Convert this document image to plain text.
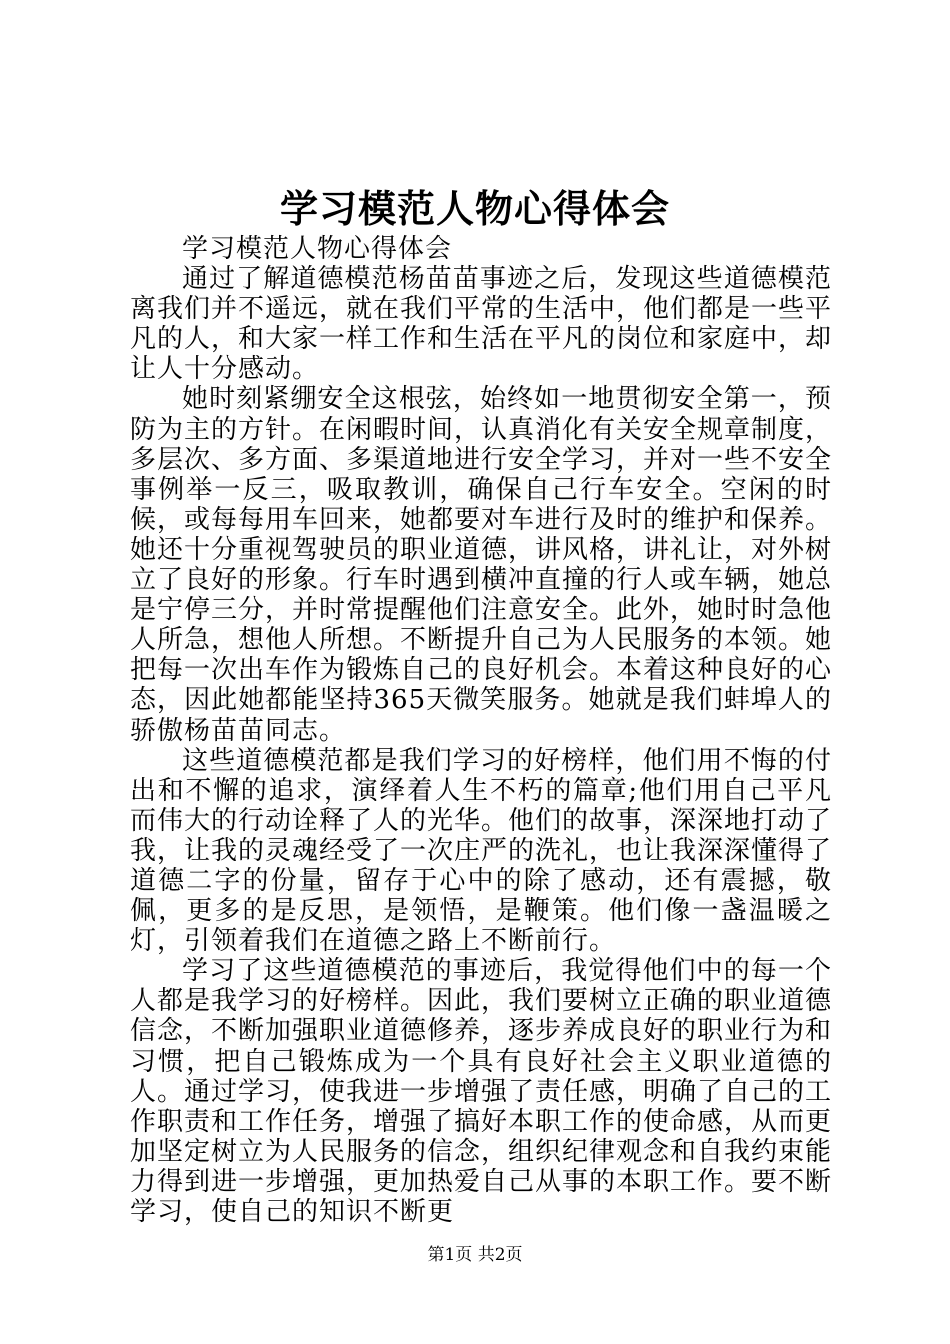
学习模范人物心得体会

学习模范人物心得体会

通过了解道德模范杨苗苗事迹之后，发现这些道德模范离我们并不遥远，就在我们平常的生活中，他们都是一些平凡的人，和大家一样工作和生活在平凡的岗位和家庭中，却让人十分感动。

她时刻紧绷安全这根弦，始终如一地贯彻安全第一，预防为主的方针。在闲暇时间，认真消化有关安全规章制度，多层次、多方面、多渠道地进行安全学习，并对一些不安全事例举一反三，吸取教训，确保自己行车安全。空闲的时候，或每每用车回来，她都要对车进行及时的维护和保养。她还十分重视驾驶员的职业道德，讲风格，讲礼让，对外树立了良好的形象。行车时遇到横冲直撞的行人或车辆，她总是宁停三分，并时常提醒他们注意安全。此外，她时时急他人所急，想他人所想。不断提升自己为人民服务的本领。她把每一次出车作为锻炼自己的良好机会。本着这种良好的心态，因此她都能坚持365天微笑服务。她就是我们蚌埠人的骄傲杨苗苗同志。

这些道德模范都是我们学习的好榜样，他们用不悔的付出和不懈的追求，演绎着人生不朽的篇章;他们用自己平凡而伟大的行动诠释了人的光华。他们的故事，深深地打动了我，让我的灵魂经受了一次庄严的洗礼，也让我深深懂得了道德二字的份量，留存于心中的除了感动，还有震撼，敬佩，更多的是反思，是领悟，是鞭策。他们像一盏温暖之灯，引领着我们在道德之路上不断前行。

学习了这些道德模范的事迹后，我觉得他们中的每一个人都是我学习的好榜样。因此，我们要树立正确的职业道德信念，不断加强职业道德修养，逐步养成良好的职业行为和习惯，把自己锻炼成为一个具有良好社会主义职业道德的人。通过学习，使我进一步增强了责任感，明确了自己的工作职责和工作任务，增强了搞好本职工作的使命感，从而更加坚定树立为人民服务的信念，组织纪律观念和自我约束能力得到进一步增强，更加热爱自己从事的本职工作。要不断学习，使自己的知识不断更

第1页 共2页
